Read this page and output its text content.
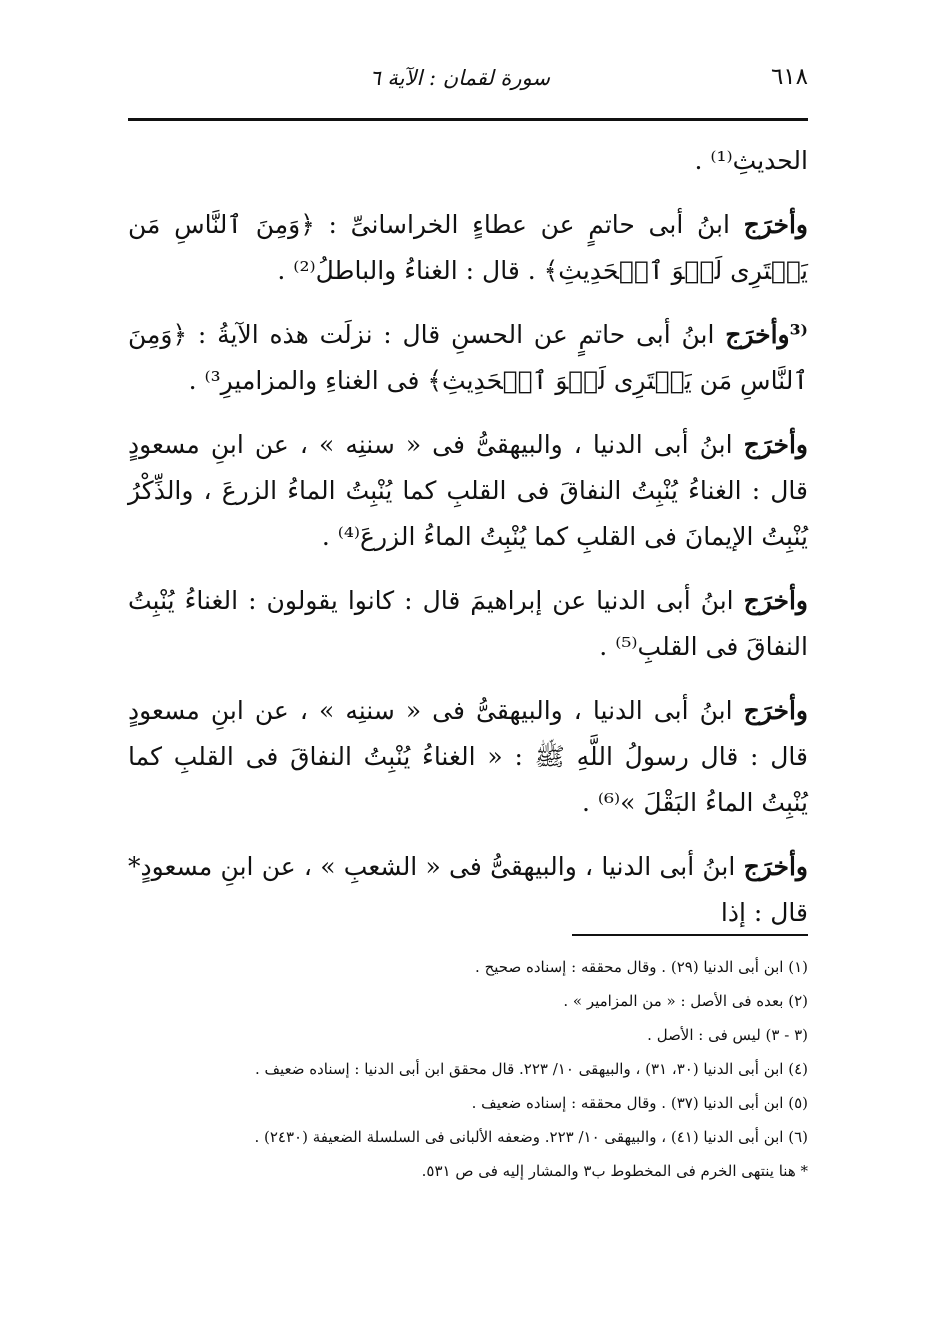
٦١٨
سورة لقمان : الآية ٦

الحديثِ⁽¹⁾ .

وأخرَج ابنُ أبى حاتمٍ عن عطاءٍ الخراسانىِّ : ﴿وَمِنَ ٱلنَّاسِ مَن يَشۡتَرِى لَهۡوَ ٱلۡحَدِيثِ﴾ . قال : الغناءُ والباطلُ⁽²⁾ .

⁽³وأخرَج ابنُ أبى حاتمٍ عن الحسنِ قال : نزلَت هذه الآيةُ : ﴿وَمِنَ ٱلنَّاسِ مَن يَشۡتَرِى لَهۡوَ ٱلۡحَدِيثِ﴾ فى الغناءِ والمزاميرِ³⁾ .

وأخرَج ابنُ أبى الدنيا ، والبيهقىُّ فى « سننِه » ، عن ابنِ مسعودٍ قال : الغناءُ يُنْبِتُ النفاقَ فى القلبِ كما يُنْبِتُ الماءُ الزرعَ ، والذِّكْرُ يُنْبِتُ الإيمانَ فى القلبِ كما يُنْبِتُ الماءُ الزرعَ⁽⁴⁾ .

وأخرَج ابنُ أبى الدنيا عن إبراهيمَ قال : كانوا يقولون : الغناءُ يُنْبِتُ النفاقَ فى القلبِ⁽⁵⁾ .

وأخرَج ابنُ أبى الدنيا ، والبيهقىُّ فى « سننِه » ، عن ابنِ مسعودٍ قال : قال رسولُ اللَّهِ ﷺ : « الغناءُ يُنْبِتُ النفاقَ فى القلبِ كما يُنْبِتُ الماءُ البَقْلَ »⁽⁶⁾ .

وأخرَج ابنُ أبى الدنيا ، والبيهقىُّ فى « الشعبِ » ، عن ابنِ مسعودٍ* قال : إذا

(١) ابن أبى الدنيا (٢٩) . وقال محققه : إسناده صحيح .
(٢) بعده فى الأصل : « من المزامير » .
(٣ - ٣) ليس فى : الأصل .
(٤) ابن أبى الدنيا (٣٠، ٣١) ، والبيهقى ١٠/ ٢٢٣. قال محقق ابن أبى الدنيا : إسناده ضعيف .
(٥) ابن أبى الدنيا (٣٧) . وقال محققه : إسناده ضعيف .
(٦) ابن أبى الدنيا (٤١) ، والبيهقى ١٠/ ٢٢٣. وضعفه الألبانى فى السلسلة الضعيفة (٢٤٣٠) .
* هنا ينتهى الخرم فى المخطوط ب٣ والمشار إليه فى ص ٥٣١.
